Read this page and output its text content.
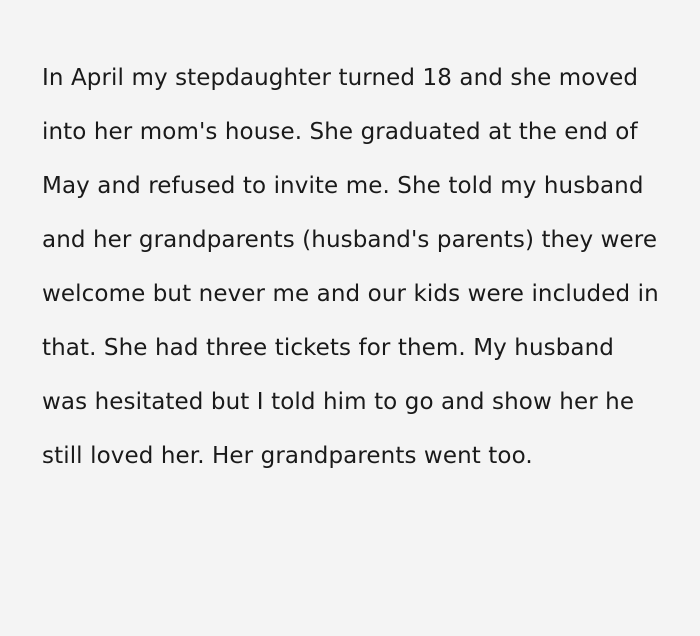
In April my stepdaughter turned 18 and she moved into her mom's house. She graduated at the end of May and refused to invite me. She told my husband and her grandparents (husband's parents) they were welcome but never me and our kids were included in that. She had three tickets for them. My husband was hesitated but I told him to go and show her he still loved her. Her grandparents went too.
